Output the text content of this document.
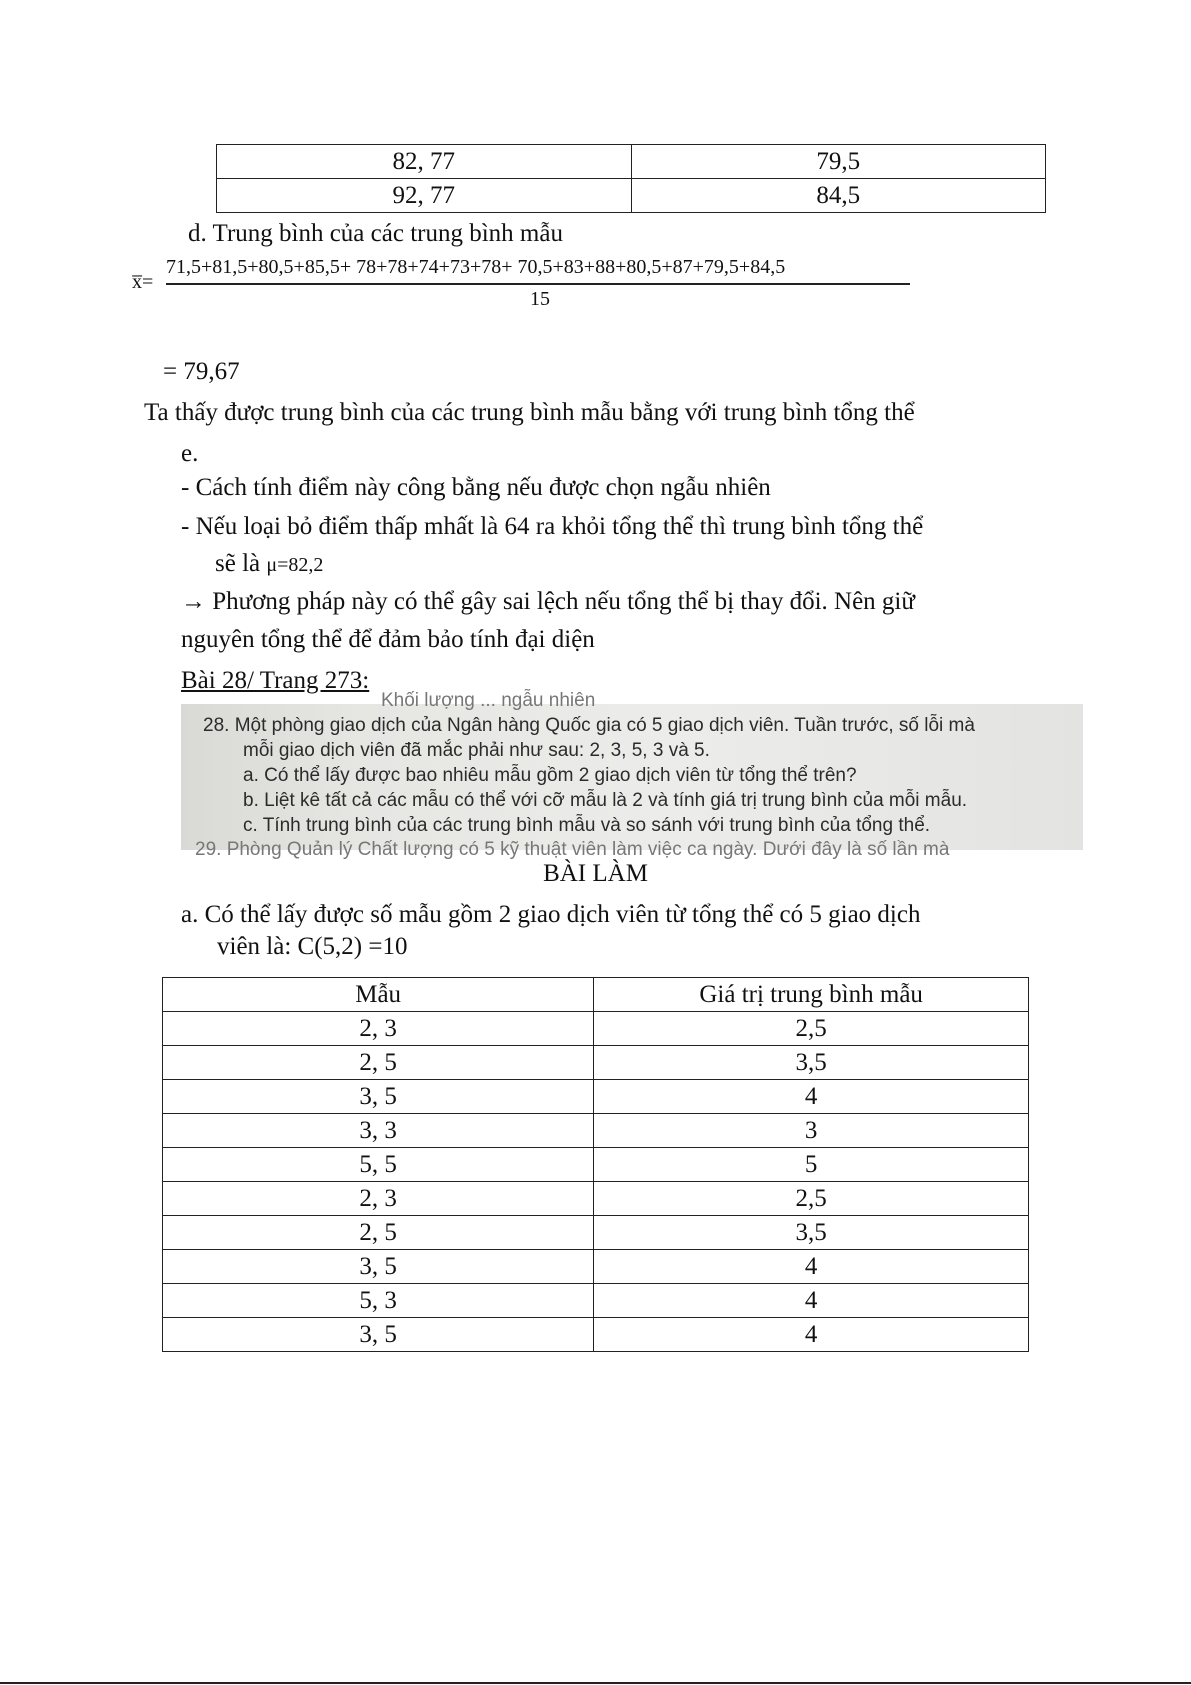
82, 77	79,5
92, 77	84,5
d. Trung bình của các trung bình mẫu
x̅=
71,5+81,5+80,5+85,5+ 78+78+74+73+78+ 70,5+83+88+80,5+87+79,5+84,5
15
= 79,67
Ta thấy được trung bình của các trung bình mẫu bằng với trung bình tổng thể
e.
- Cách tính điểm này công bằng nếu được chọn ngẫu nhiên
- Nếu loại bỏ điểm thấp mhất là 64 ra khỏi tổng thể thì trung bình tổng thể
sẽ là μ=82,2
→ Phương pháp này có thể gây sai lệch nếu tổng thể bị thay đổi. Nên giữ
nguyên tổng thể để đảm bảo tính đại diện
Bài 28/ Trang 273:
Khối lượng ... ngẫu nhiên
28. Một phòng giao dịch của Ngân hàng Quốc gia có 5 giao dịch viên. Tuần trước, số lỗi mà
mỗi giao dịch viên đã mắc phải như sau: 2, 3, 5, 3 và 5.
a. Có thể lấy được bao nhiêu mẫu gồm 2 giao dịch viên từ tổng thể trên?
b. Liệt kê tất cả các mẫu có thể với cỡ mẫu là 2 và tính giá trị trung bình của mỗi mẫu.
c. Tính trung bình của các trung bình mẫu và so sánh với trung bình của tổng thể.
29. Phòng Quản lý Chất lượng có 5 kỹ thuật viên làm việc ca ngày. Dưới đây là số lần mà
BÀI LÀM
a. Có thể lấy được số mẫu gồm 2 giao dịch viên từ tổng thể có 5 giao dịch
viên là: C(5,2) =10
Mẫu	Giá trị trung bình mẫu
2, 3	2,5
2, 5	3,5
3, 5	4
3, 3	3
5, 5	5
2, 3	2,5
2, 5	3,5
3, 5	4
5, 3	4
3, 5	4
